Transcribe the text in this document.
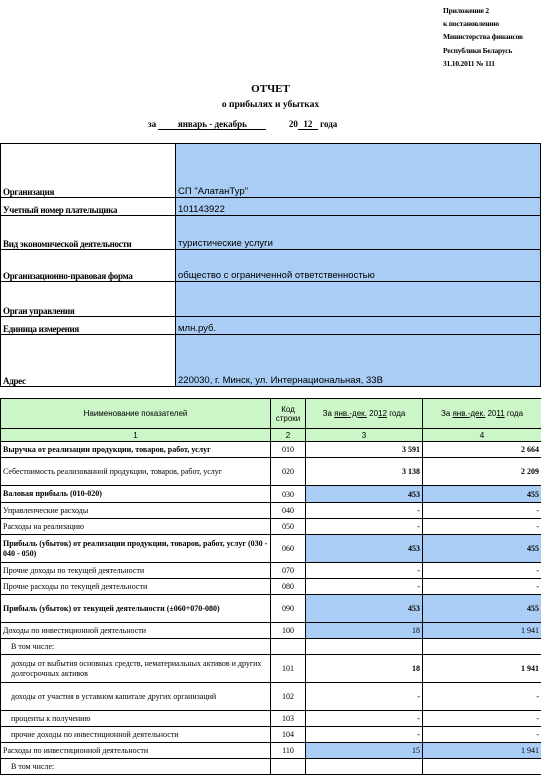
Приложение 2
к постановлению
Министерства финансов
Республики Беларусь
31.10.2011 № 111
ОТЧЕТ
о прибылях и убытках
за январь - декабрь	20 12 года
Организация	СП "АлатанТур"
Учетный номер плательщика	101143922
Вид экономической деятельности	туристические услуги
Организационно-правовая форма	общество с ограниченной ответственностью
Орган управления	
Единица измерения	млн.руб.
Адрес	220030, г. Минск, ул. Интернациональная, 33В
Наименование показателей	Код строки	За янв.-дек. 2012 года	За янв.-дек. 2011 года
1	2	3	4
Выручка от реализации продукции, товаров, работ, услуг	010	3 591	2 664
Себестоимость реализованной продукции, товаров, работ, услуг	020	3 138	2 209
Валовая прибыль (010-020)	030	453	455
Управленческие расходы	040	-	-
Расходы на реализацию	050	-	-
Прибыль (убыток) от реализации продукции, товаров, работ, услуг (030 - 040 - 050)	060	453	455
Прочие доходы по текущей деятельности	070	-	-
Прочие расходы по текущей деятельности	080	-	-
Прибыль (убыток) от текущей деятельности (±060+070-080)	090	453	455
Доходы по инвестиционной деятельности	100	18	1 941
В том числе:			
доходы от выбытия основных средств, нематериальных активов и других долгосрочных активов	101	18	1 941
доходы от участия в уставном капитале других организаций	102	-	-
проценты к получению	103	-	-
прочие доходы по инвестиционной деятельности	104	-	-
Расходы по инвестиционной деятельности	110	15	1 941
В том числе:			
